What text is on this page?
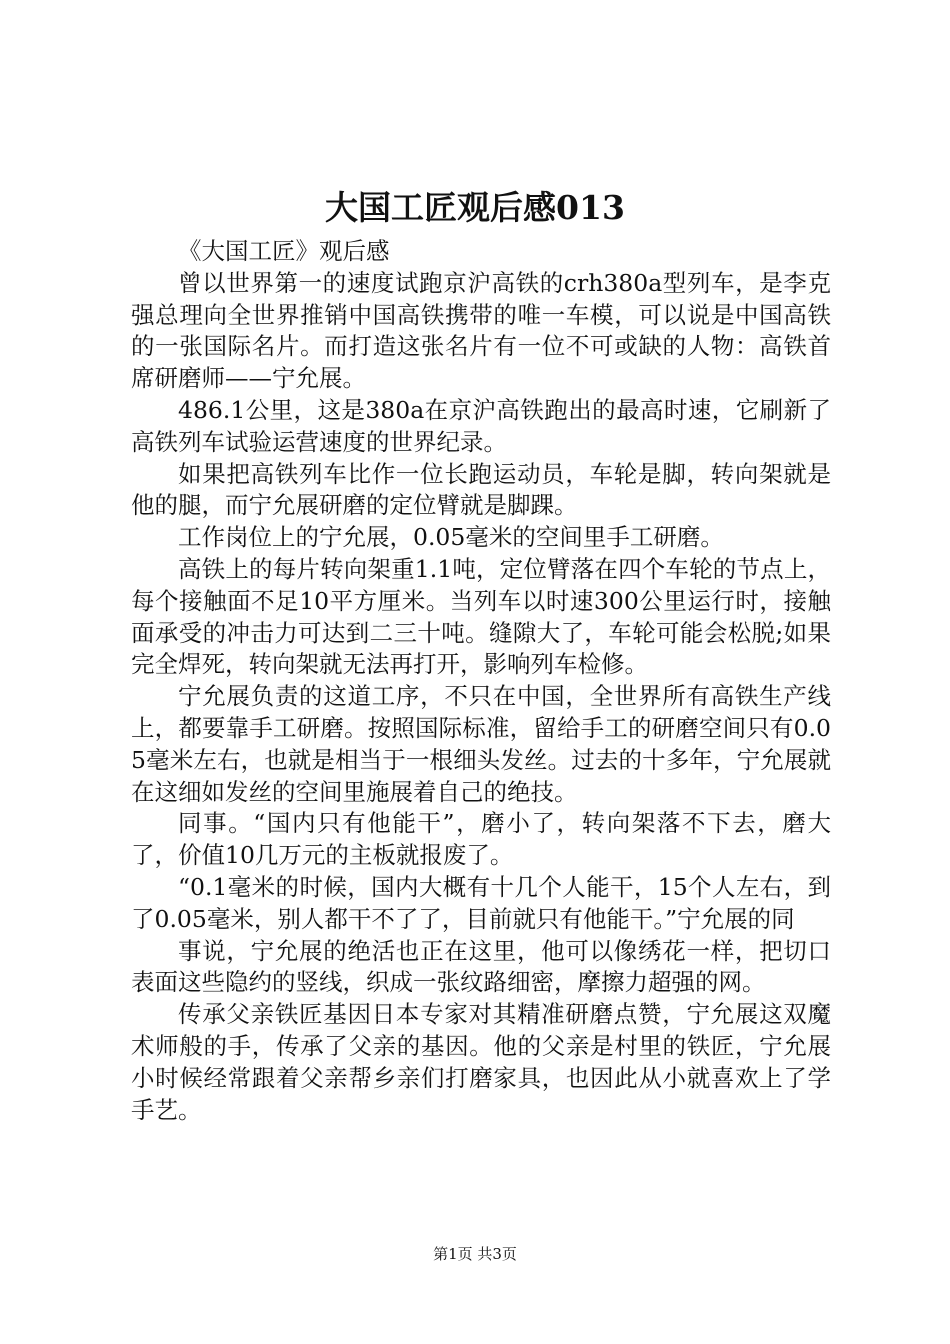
大国工匠观后感013

《大国工匠》观后感

曾以世界第一的速度试跑京沪高铁的crh380a型列车，是李克强总理向全世界推销中国高铁携带的唯一车模，可以说是中国高铁的一张国际名片。而打造这张名片有一位不可或缺的人物：高铁首席研磨师——宁允展。

486.1公里，这是380a在京沪高铁跑出的最高时速，它刷新了高铁列车试验运营速度的世界纪录。

如果把高铁列车比作一位长跑运动员，车轮是脚，转向架就是他的腿，而宁允展研磨的定位臂就是脚踝。

工作岗位上的宁允展，0.05毫米的空间里手工研磨。

高铁上的每片转向架重1.1吨，定位臂落在四个车轮的节点上，每个接触面不足10平方厘米。当列车以时速300公里运行时，接触面承受的冲击力可达到二三十吨。缝隙大了，车轮可能会松脱;如果完全焊死，转向架就无法再打开，影响列车检修。

宁允展负责的这道工序，不只在中国，全世界所有高铁生产线上，都要靠手工研磨。按照国际标准，留给手工的研磨空间只有0.05毫米左右，也就是相当于一根细头发丝。过去的十多年，宁允展就在这细如发丝的空间里施展着自己的绝技。

同事。“国内只有他能干”，磨小了，转向架落不下去，磨大了，价值10几万元的主板就报废了。

“0.1毫米的时候，国内大概有十几个人能干，15个人左右，到了0.05毫米，别人都干不了了，目前就只有他能干。”宁允展的同

事说，宁允展的绝活也正在这里，他可以像绣花一样，把切口表面这些隐约的竖线，织成一张纹路细密，摩擦力超强的网。

传承父亲铁匠基因日本专家对其精准研磨点赞，宁允展这双魔术师般的手，传承了父亲的基因。他的父亲是村里的铁匠，宁允展小时候经常跟着父亲帮乡亲们打磨家具，也因此从小就喜欢上了学手艺。

第1页 共3页
